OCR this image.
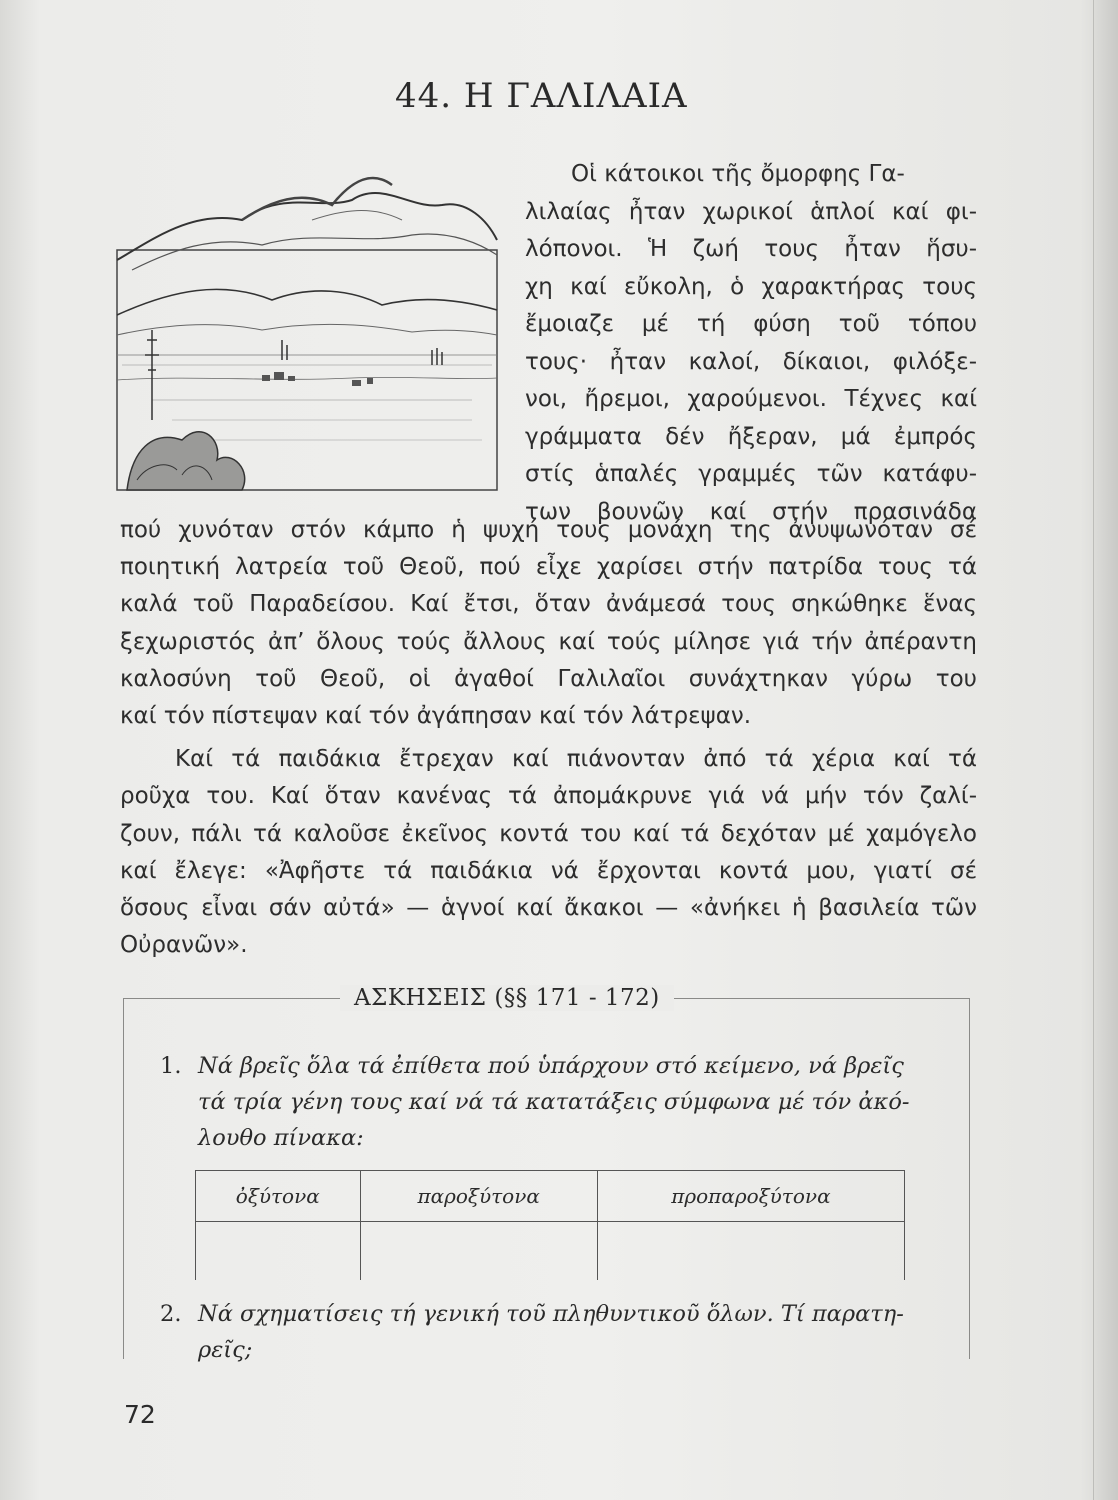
44. Η ΓΑΛΙΛΑΙΑ
Οἱ κάτοικοι τῆς ὄμορφης Γα-
λιλαίας ἦταν χωρικοί ἁπλοί καί φι-
λόπονοι. Ἡ ζωή τους ἦταν ἥσυ-
χη καί εὔκολη, ὁ χαρακτήρας τους
ἔμοιαζε μέ τή φύση τοῦ τόπου
τους· ἦταν καλοί, δίκαιοι, φιλόξε-
νοι, ἤρεμοι, χαρούμενοι. Τέχνες καί
γράμματα δέν ἤξεραν, μά ἐμπρός
στίς ἁπαλές γραμμές τῶν κατάφυ-
των βουνῶν καί στήν πρασινάδα
πού χυνόταν στόν κάμπο ἡ ψυχή τους μονάχη της ἀνυψωνόταν σέ
ποιητική λατρεία τοῦ Θεοῦ, πού εἶχε χαρίσει στήν πατρίδα τους τά
καλά τοῦ Παραδείσου. Καί ἔτσι, ὅταν ἀνάμεσά τους σηκώθηκε ἕνας
ξεχωριστός ἀπ’ ὅλους τούς ἄλλους καί τούς μίλησε γιά τήν ἀπέραντη
καλοσύνη τοῦ Θεοῦ, οἱ ἀγαθοί Γαλιλαῖοι συνάχτηκαν γύρω του
καί τόν πίστεψαν καί τόν ἀγάπησαν καί τόν λάτρεψαν.
Καί τά παιδάκια ἔτρεχαν καί πιάνονταν ἀπό τά χέρια καί τά
ροῦχα του. Καί ὅταν κανένας τά ἀπομάκρυνε γιά νά μήν τόν ζαλί-
ζουν, πάλι τά καλοῦσε ἐκεῖνος κοντά του καί τά δεχόταν μέ χαμόγελο
καί ἔλεγε: «Ἀφῆστε τά παιδάκια νά ἔρχονται κοντά μου, γιατί σέ
ὅσους εἶναι σάν αὐτά» — ἁγνοί καί ἄκακοι — «ἀνήκει ἡ βασιλεία τῶν
Οὐρανῶν».
ΑΣΚΗΣΕΙΣ (§§ 171 - 172)
1. Νά βρεῖς ὅλα τά ἐπίθετα πού ὑπάρχουν στό κείμενο, νά βρεῖς
τά τρία γένη τους καί νά τά κατατάξεις σύμφωνα μέ τόν ἀκό-
λουθο πίνακα:
ὀξύτονα	παροξύτονα	προπαροξύτονα

2. Νά σχηματίσεις τή γενική τοῦ πληθυντικοῦ ὅλων. Τί παρατη-
ρεῖς;
72
